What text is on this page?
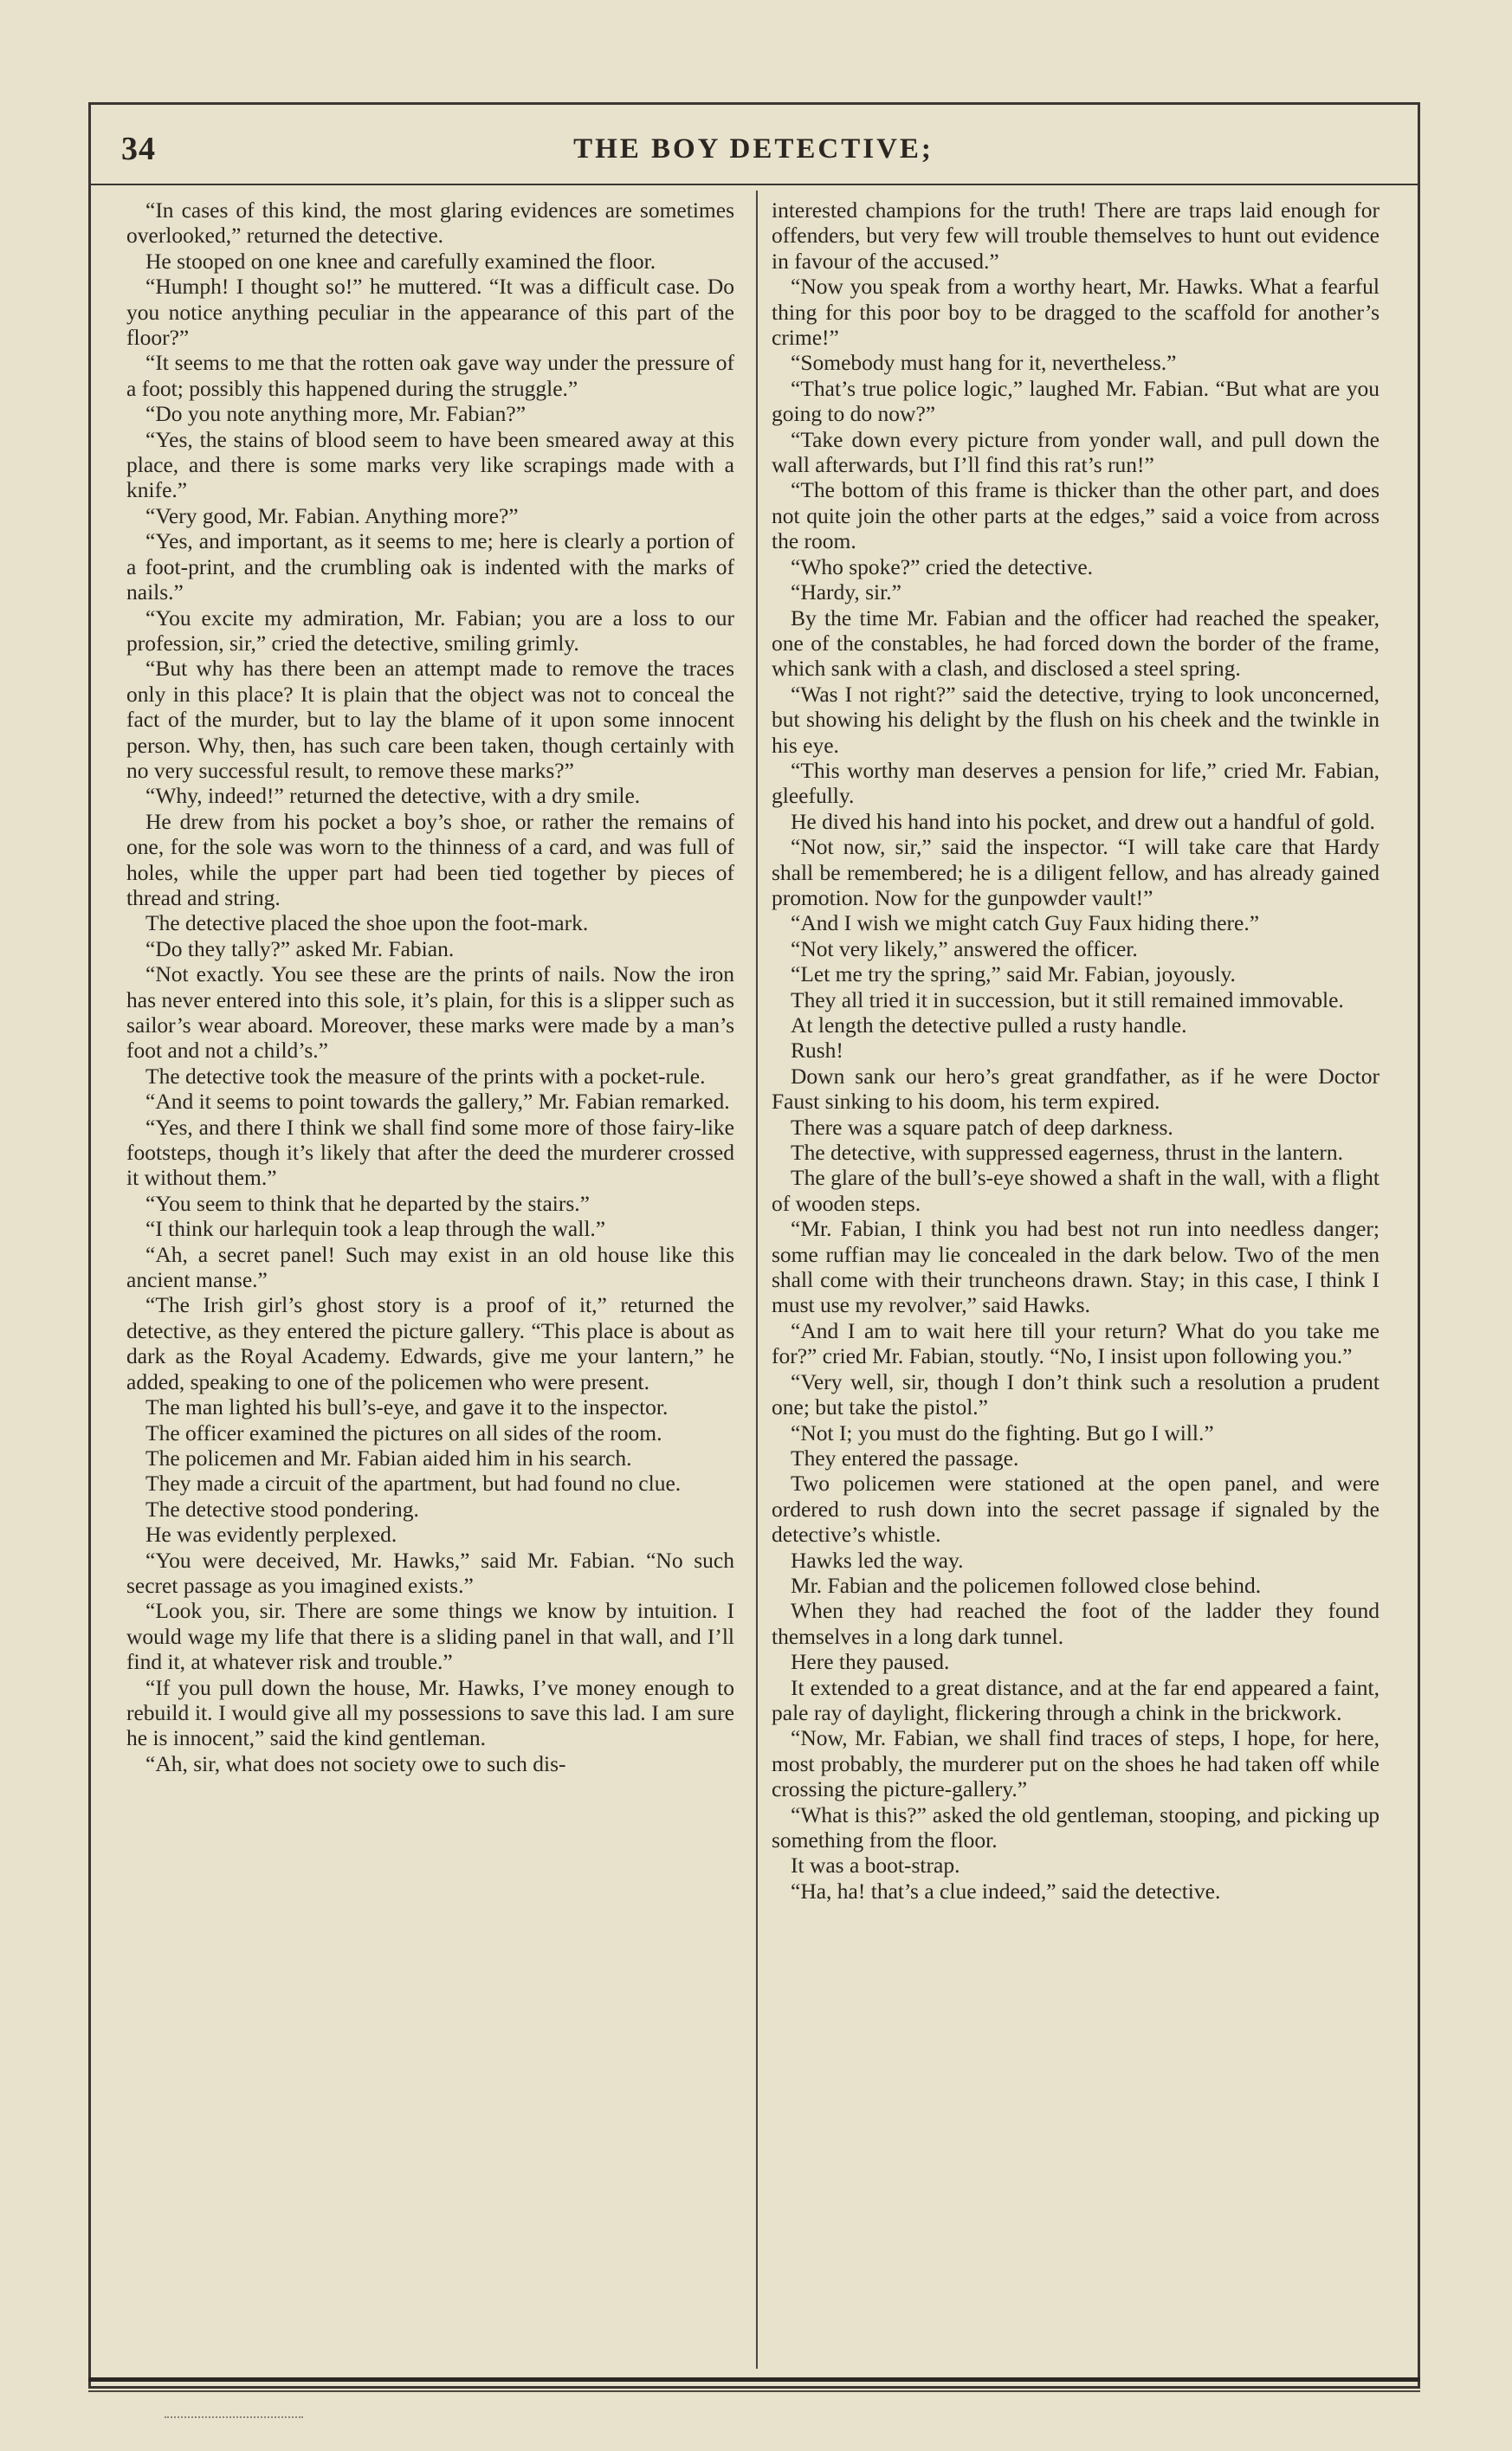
34	THE BOY DETECTIVE;

“In cases of this kind, the most glaring evidences are sometimes overlooked,” returned the detective.

He stooped on one knee and carefully examined the floor.

“Humph! I thought so!” he muttered. “It was a difficult case. Do you notice anything peculiar in the appearance of this part of the floor?”

“It seems to me that the rotten oak gave way under the pressure of a foot; possibly this happened during the struggle.”

“Do you note anything more, Mr. Fabian?”

“Yes, the stains of blood seem to have been smeared away at this place, and there is some marks very like scrapings made with a knife.”

“Very good, Mr. Fabian. Anything more?”

“Yes, and important, as it seems to me; here is clearly a portion of a foot-print, and the crumbling oak is indented with the marks of nails.”

“You excite my admiration, Mr. Fabian; you are a loss to our profession, sir,” cried the detective, smiling grimly.

“But why has there been an attempt made to remove the traces only in this place? It is plain that the object was not to conceal the fact of the murder, but to lay the blame of it upon some innocent person. Why, then, has such care been taken, though certainly with no very successful result, to remove these marks?”

“Why, indeed!” returned the detective, with a dry smile.

He drew from his pocket a boy’s shoe, or rather the remains of one, for the sole was worn to the thinness of a card, and was full of holes, while the upper part had been tied together by pieces of thread and string.

The detective placed the shoe upon the foot-mark.

“Do they tally?” asked Mr. Fabian.

“Not exactly. You see these are the prints of nails. Now the iron has never entered into this sole, it’s plain, for this is a slipper such as sailor’s wear aboard. Moreover, these marks were made by a man’s foot and not a child’s.”

The detective took the measure of the prints with a pocket-rule.

“And it seems to point towards the gallery,” Mr. Fabian remarked.

“Yes, and there I think we shall find some more of those fairy-like footsteps, though it’s likely that after the deed the murderer crossed it without them.”

“You seem to think that he departed by the stairs.”

“I think our harlequin took a leap through the wall.”

“Ah, a secret panel! Such may exist in an old house like this ancient manse.”

“The Irish girl’s ghost story is a proof of it,” returned the detective, as they entered the picture gallery. “This place is about as dark as the Royal Academy. Edwards, give me your lantern,” he added, speaking to one of the policemen who were present.

The man lighted his bull’s-eye, and gave it to the inspector.

The officer examined the pictures on all sides of the room.

The policemen and Mr. Fabian aided him in his search.

They made a circuit of the apartment, but had found no clue.

The detective stood pondering.

He was evidently perplexed.

“You were deceived, Mr. Hawks,” said Mr. Fabian. “No such secret passage as you imagined exists.”

“Look you, sir. There are some things we know by intuition. I would wage my life that there is a sliding panel in that wall, and I’ll find it, at whatever risk and trouble.”

“If you pull down the house, Mr. Hawks, I’ve money enough to rebuild it. I would give all my possessions to save this lad. I am sure he is innocent,” said the kind gentleman.

“Ah, sir, what does not society owe to such dis-

interested champions for the truth! There are traps laid enough for offenders, but very few will trouble themselves to hunt out evidence in favour of the accused.”

“Now you speak from a worthy heart, Mr. Hawks. What a fearful thing for this poor boy to be dragged to the scaffold for another’s crime!”

“Somebody must hang for it, nevertheless.”

“That’s true police logic,” laughed Mr. Fabian. “But what are you going to do now?”

“Take down every picture from yonder wall, and pull down the wall afterwards, but I’ll find this rat’s run!”

“The bottom of this frame is thicker than the other part, and does not quite join the other parts at the edges,” said a voice from across the room.

“Who spoke?” cried the detective.

“Hardy, sir.”

By the time Mr. Fabian and the officer had reached the speaker, one of the constables, he had forced down the border of the frame, which sank with a clash, and disclosed a steel spring.

“Was I not right?” said the detective, trying to look unconcerned, but showing his delight by the flush on his cheek and the twinkle in his eye.

“This worthy man deserves a pension for life,” cried Mr. Fabian, gleefully.

He dived his hand into his pocket, and drew out a handful of gold.

“Not now, sir,” said the inspector. “I will take care that Hardy shall be remembered; he is a diligent fellow, and has already gained promotion. Now for the gunpowder vault!”

“And I wish we might catch Guy Faux hiding there.”

“Not very likely,” answered the officer.

“Let me try the spring,” said Mr. Fabian, joyously.

They all tried it in succession, but it still remained immovable.

At length the detective pulled a rusty handle.

Rush!

Down sank our hero’s great grandfather, as if he were Doctor Faust sinking to his doom, his term expired.

There was a square patch of deep darkness.

The detective, with suppressed eagerness, thrust in the lantern.

The glare of the bull’s-eye showed a shaft in the wall, with a flight of wooden steps.

“Mr. Fabian, I think you had best not run into needless danger; some ruffian may lie concealed in the dark below. Two of the men shall come with their truncheons drawn. Stay; in this case, I think I must use my revolver,” said Hawks.

“And I am to wait here till your return? What do you take me for?” cried Mr. Fabian, stoutly. “No, I insist upon following you.”

“Very well, sir, though I don’t think such a resolution a prudent one; but take the pistol.”

“Not I; you must do the fighting. But go I will.”

They entered the passage.

Two policemen were stationed at the open panel, and were ordered to rush down into the secret passage if signaled by the detective’s whistle.

Hawks led the way.

Mr. Fabian and the policemen followed close behind.

When they had reached the foot of the ladder they found themselves in a long dark tunnel.

Here they paused.

It extended to a great distance, and at the far end appeared a faint, pale ray of daylight, flickering through a chink in the brickwork.

“Now, Mr. Fabian, we shall find traces of steps, I hope, for here, most probably, the murderer put on the shoes he had taken off while crossing the picture-gallery.”

“What is this?” asked the old gentleman, stooping, and picking up something from the floor.

It was a boot-strap.

“Ha, ha! that’s a clue indeed,” said the detective.
